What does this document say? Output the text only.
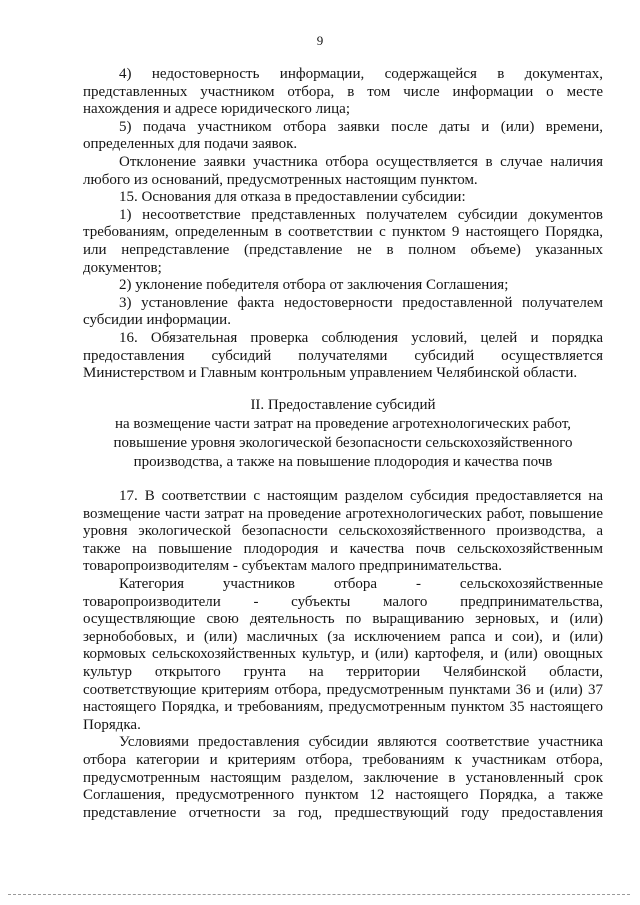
9

4) недостоверность информации, содержащейся в документах, представленных участником отбора, в том числе информации о месте нахождения и адресе юридического лица;

5) подача участником отбора заявки после даты и (или) времени, определенных для подачи заявок.

Отклонение заявки участника отбора осуществляется в случае наличия любого из оснований, предусмотренных настоящим пунктом.

15. Основания для отказа в предоставлении субсидии:

1) несоответствие представленных получателем субсидии документов требованиям, определенным в соответствии с пунктом 9 настоящего Порядка, или непредставление (представление не в полном объеме) указанных документов;

2) уклонение победителя отбора от заключения Соглашения;

3) установление факта недостоверности предоставленной получателем субсидии информации.

16. Обязательная проверка соблюдения условий, целей и порядка предоставления субсидий получателями субсидий осуществляется Министерством и Главным контрольным управлением Челябинской области.

II. Предоставление субсидий

на возмещение части затрат на проведение агротехнологических работ,

повышение уровня экологической безопасности сельскохозяйственного

производства, а также на повышение плодородия и качества почв

17. В соответствии с настоящим разделом субсидия предоставляется на возмещение части затрат на проведение агротехнологических работ, повышение уровня экологической безопасности сельскохозяйственного производства, а также на повышение плодородия и качества почв сельскохозяйственным товаропроизводителям - субъектам малого предпринимательства.

Категория участников отбора - сельскохозяйственные товаропроизводители - субъекты малого предпринимательства, осуществляющие свою деятельность по выращиванию зерновых, и (или) зернобобовых, и (или) масличных (за исключением рапса и сои), и (или) кормовых сельскохозяйственных культур, и (или) картофеля, и (или) овощных культур открытого грунта на территории Челябинской области, соответствующие критериям отбора, предусмотренным пунктами 36 и (или) 37 настоящего Порядка, и требованиям, предусмотренным пунктом 35 настоящего Порядка.

Условиями предоставления субсидии являются соответствие участника отбора категории и критериям отбора, требованиям к участникам отбора, предусмотренным настоящим разделом, заключение в установленный срок Соглашения, предусмотренного пунктом 12 настоящего Порядка, а также представление отчетности за год, предшествующий году предоставления
